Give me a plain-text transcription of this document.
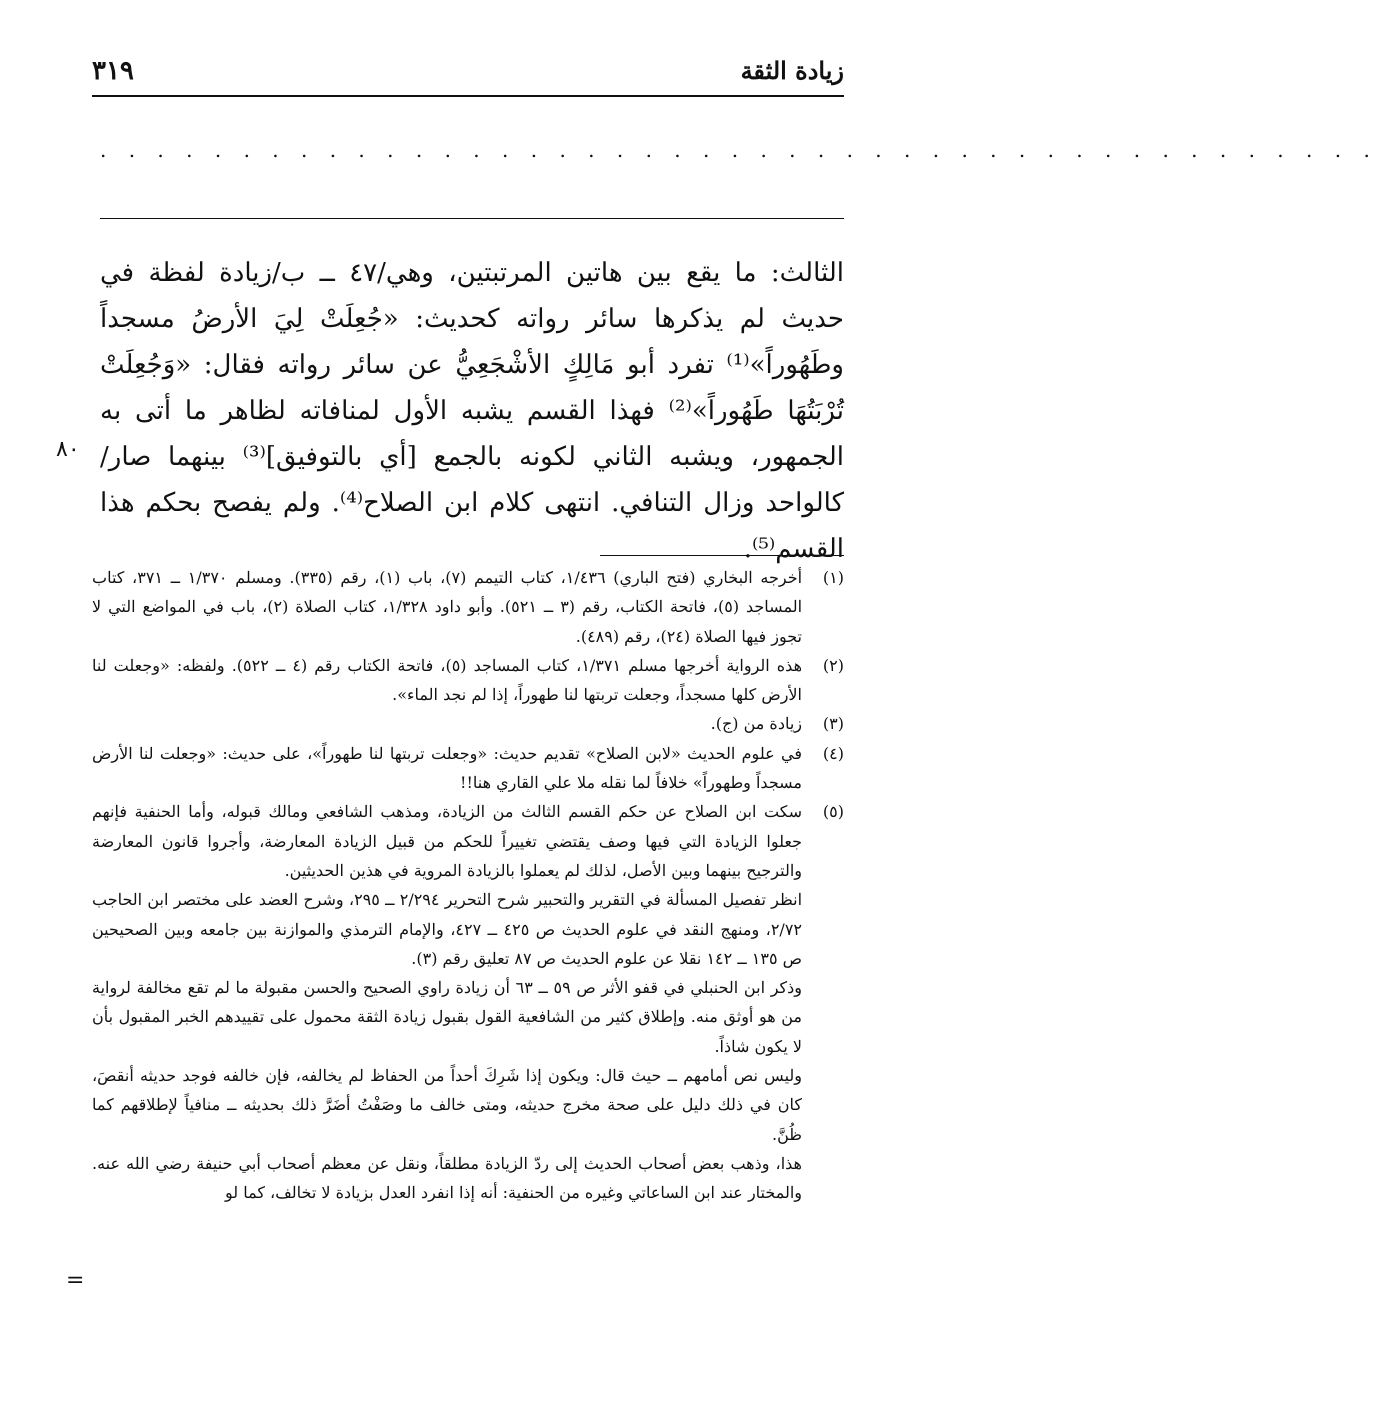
٣١٩	زيادة الثقة
. . . . . . . . . . . . . . . . . . . . . . . . . . . . . . . . . . . . . . . . . . . . .

الثالث: ما يقع بين هاتين المرتبتين، وهي/٤٧ ــ ب/زيادة لفظة في حديث لم يذكرها سائر رواته كحديث: «جُعِلَتْ لِيَ الأرضُ مسجداً وطَهُوراً»⁽¹⁾ تفرد أبو مَالِكٍ الأشْجَعِيُّ عن سائر رواته فقال: «وَجُعِلَتْ تُرْبَتُهَا طَهُوراً»⁽²⁾ فهذا القسم يشبه الأول لمنافاته لظاهر ما أتى به الجمهور، ويشبه الثاني لكونه بالجمع [أي بالتوفيق]⁽³⁾ بينهما صار/ كالواحد وزال التنافي. انتهى كلام ابن الصلاح⁽⁴⁾. ولم يفصح بحكم هذا القسم⁽⁵⁾.

٨٠
(١)

أخرجه البخاري (فتح الباري) ١/٤٣٦، كتاب التيمم (٧)، باب (١)، رقم (٣٣٥). ومسلم ١/٣٧٠ ــ ٣٧١، كتاب المساجد (٥)، فاتحة الكتاب، رقم (٣ ــ ٥٢١). وأبو داود ١/٣٢٨، كتاب الصلاة (٢)، باب في المواضع التي لا تجوز فيها الصلاة (٢٤)، رقم (٤٨٩).

(٢)

هذه الرواية أخرجها مسلم ١/٣٧١، كتاب المساجد (٥)، فاتحة الكتاب رقم (٤ ــ ٥٢٢). ولفظه: «وجعلت لنا الأرض كلها مسجداً، وجعلت تربتها لنا طهوراً، إذا لم نجد الماء».

(٣)

زيادة من (ج).

(٤)

في علوم الحديث «لابن الصلاح» تقديم حديث: «وجعلت تربتها لنا طهوراً»، على حديث: «وجعلت لنا الأرض مسجداً وطهوراً» خلافاً لما نقله ملا علي القاري هنا!!

(٥)

سكت ابن الصلاح عن حكم القسم الثالث من الزيادة، ومذهب الشافعي ومالك قبوله، وأما الحنفية فإنهم جعلوا الزيادة التي فيها وصف يقتضي تغييراً للحكم من قبيل الزيادة المعارضة، وأجروا قانون المعارضة والترجيح بينهما وبين الأصل، لذلك لم يعملوا بالزيادة المروية في هذين الحديثين.

انظر تفصيل المسألة في التقرير والتحبير شرح التحرير ٢/٢٩٤ ــ ٢٩٥، وشرح العضد على مختصر ابن الحاجب ٢/٧٢، ومنهج النقد في علوم الحديث ص ٤٢٥ ــ ٤٢٧، والإمام الترمذي والموازنة بين جامعه وبين الصحيحين ص ١٣٥ ــ ١٤٢ نقلا عن علوم الحديث ص ٨٧ تعليق رقم (٣).

وذكر ابن الحنبلي في قفو الأثر ص ٥٩ ــ ٦٣ أن زيادة راوي الصحيح والحسن مقبولة ما لم تقع مخالفة لرواية من هو أوثق منه. وإطلاق كثير من الشافعية القول بقبول زيادة الثقة محمول على تقييدهم الخبر المقبول بأن لا يكون شاذاً.

وليس نص أمامهم ــ حيث قال: ويكون إذا شَرِكَ أحداً من الحفاظ لم يخالفه، فإن خالفه فوجد حديثه أنقصَ، كان في ذلك دليل على صحة مخرج حديثه، ومتى خالف ما وصَفْتُ أضَرَّ ذلك بحديثه ــ منافياً لإطلاقهم كما ظُنَّ.

هذا، وذهب بعض أصحاب الحديث إلى ردّ الزيادة مطلقاً، ونقل عن معظم أصحاب أبي حنيفة رضي الله عنه. والمختار عند ابن الساعاتي وغيره من الحنفية: أنه إذا انفرد العدل بزيادة لا تخالف، كما لو

=
